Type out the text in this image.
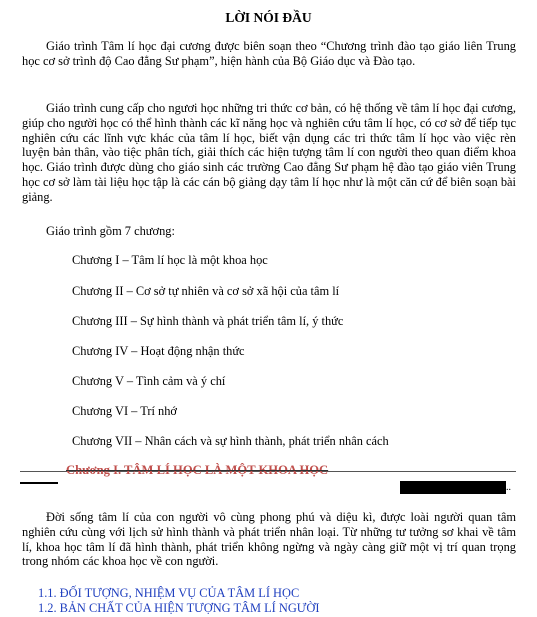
LỜI NÓI ĐẦU

Giáo trình Tâm lí học đại cương được biên soạn theo “Chương trình đào tạo giáo liên Trung học cơ sở trình độ Cao đẳng Sư phạm”, hiện hành của Bộ Giáo dục và Đào tạo.

Giáo trình cung cấp cho ngươi học những tri thức cơ bản, có hệ thống về tâm lí học đại cương, giúp cho người học có thể hình thành các kĩ năng học và nghiên cứu tâm lí học, có cơ sở để tiếp tục nghiên cứu các lĩnh vực khác của tâm lí học, biết vận dụng các tri thức tâm lí học vào việc rèn luyện bản thân, vào tiệc phân tích, giải thích các hiện tượng tâm lí con người theo quan điểm khoa học. Giáo trình được dùng cho giáo sinh các trường Cao đẳng Sư phạm hệ đào tạo giáo viên Trung học cơ sở làm tài liệu học tập là các cán bộ giảng dạy tâm lí học như là một căn cứ để biên soạn bài giảng.

Giáo trình gồm 7 chương:
Chương I – Tâm lí học là một khoa học
Chương II – Cơ sở tự nhiên và cơ sở xã hội của tâm lí
Chương III – Sự hình thành và phát triển tâm lí, ý thức
Chương IV – Hoạt động nhận thức
Chương V – Tình cảm và ý chí
Chương VI – Trí nhớ
Chương VII – Nhân cách và sự hình thành, phát triển nhân cách
Chương I. TÂM LÍ HỌC LÀ MỘT KHOA HỌC
..

Đời sống tâm lí của con người vô cùng phong phú và diệu kì, được loài người quan tâm nghiên cứu cùng với lịch sử hình thành và phát triển nhân loại. Từ những tư tưởng sơ khai về tâm lí, khoa học tâm lí đã hình thành, phát triển không ngừng và ngày càng giữ một vị trí quan trọng trong nhóm các khoa học về con người.

1.1. ĐỐI TƯỢNG, NHIỆM VỤ CỦA TÂM LÍ HỌC
1.2. BẢN CHẤT CỦA HIỆN TƯỢNG TÂM LÍ NGƯỜI
